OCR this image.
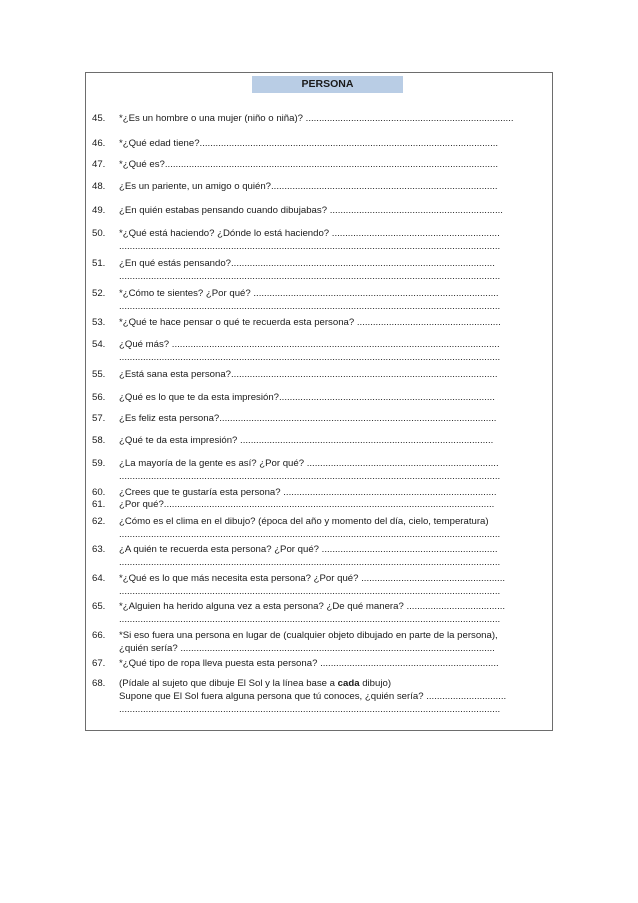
PERSONA
45. *¿Es un hombre o una mujer (niño o niña)? ..............................................................................
46. *¿Qué edad tiene?................................................................................................................
47. *¿Qué es?.............................................................................................................................
48. ¿Es un pariente, un amigo o quién?.....................................................................................
49. ¿En quién estabas pensando cuando dibujabas? .................................................................
50. *¿Qué está haciendo? ¿Dónde lo está haciendo? ...............................................................
...............................................................................................................................................
51. ¿En qué estás pensando?...................................................................................................
...............................................................................................................................................
52. *¿Cómo te sientes? ¿Por qué? ............................................................................................
...............................................................................................................................................
53. *¿Qué te hace pensar o qué te recuerda esta persona? ......................................................
54. ¿Qué más? ...........................................................................................................................
...............................................................................................................................................
55. ¿Está sana esta persona?....................................................................................................
56. ¿Qué es lo que te da esta impresión?.................................................................................
57. ¿Es feliz esta persona?........................................................................................................
58. ¿Qué te da esta impresión? ...............................................................................................
59. ¿La mayoría de la gente es así? ¿Por qué? ........................................................................
...............................................................................................................................................
60. ¿Crees que te gustaría esta persona? ................................................................................
61. ¿Por qué?............................................................................................................................
62. ¿Cómo es el clima en el dibujo? (época del año y momento del día, cielo, temperatura)
...............................................................................................................................................
63. ¿A quién te recuerda esta persona? ¿Por qué? ..................................................................
...............................................................................................................................................
64. *¿Qué es lo que más necesita esta persona? ¿Por qué? ......................................................
...............................................................................................................................................
65. *¿Alguien ha herido alguna vez a esta persona? ¿De qué manera? .....................................
...............................................................................................................................................
66. *Si eso fuera una persona en lugar de (cualquier objeto dibujado en parte de la persona),
¿quién sería? ......................................................................................................................
67. *¿Qué tipo de ropa lleva puesta esta persona? ...................................................................
68. (Pídale al sujeto que dibuje El Sol y la línea base a cada dibujo)
Supone que El Sol fuera alguna persona que tú conoces, ¿quién sería? ..............................
...............................................................................................................................................
